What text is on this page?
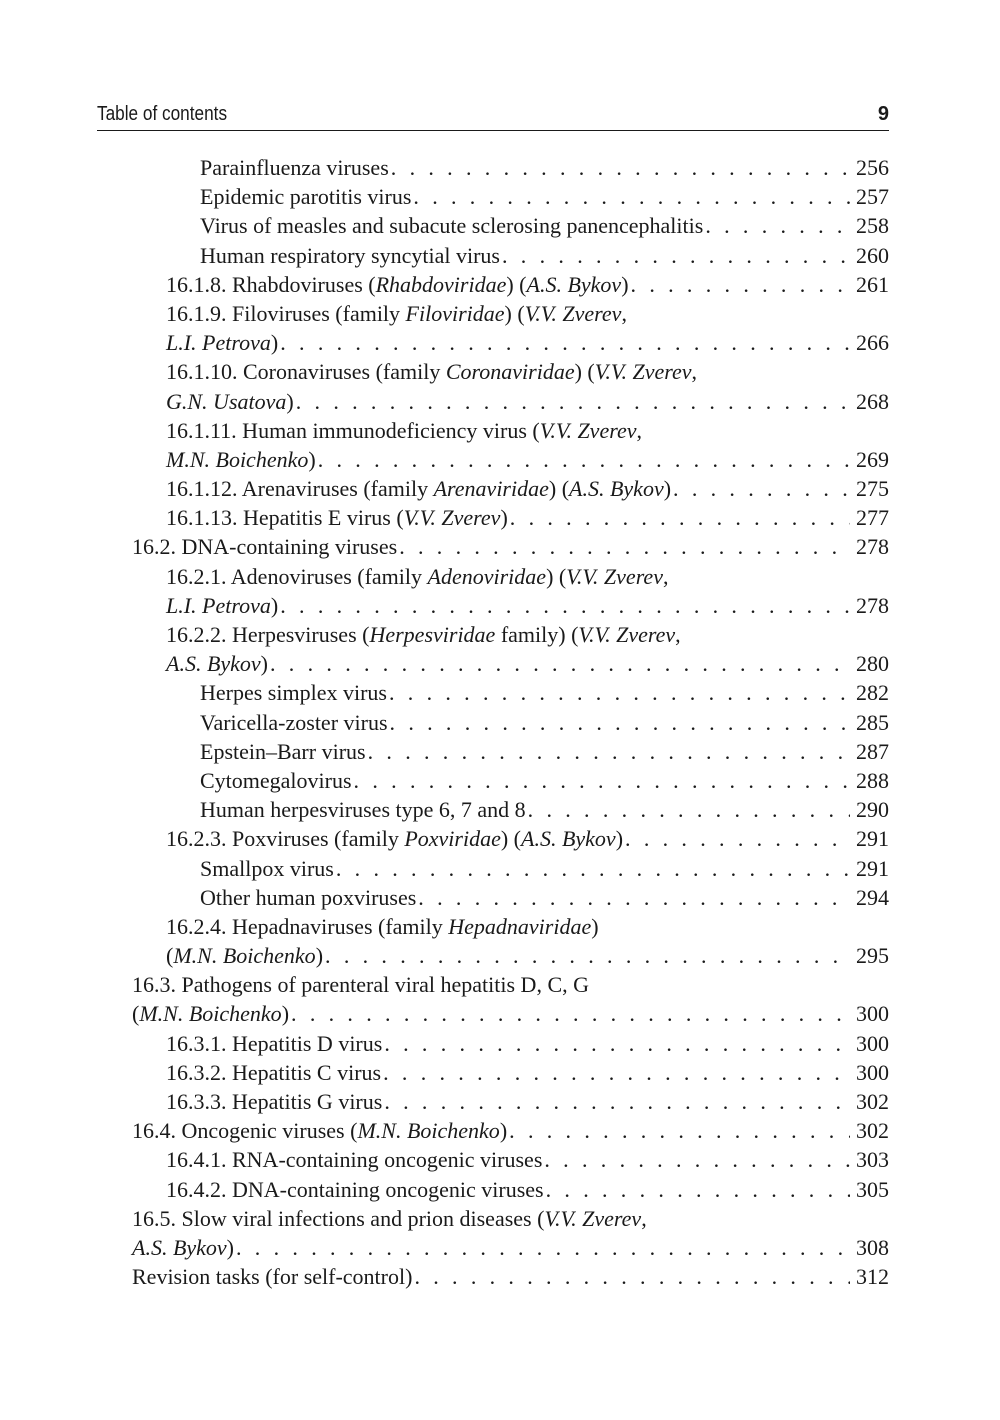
Table of contents	9
Parainfluenza viruses . . .	256
Epidemic parotitis virus . . .	257
Virus of measles and subacute sclerosing panencephalitis . . .	258
Human respiratory syncytial virus . . .	260
16.1.8. Rhabdoviruses (Rhabdoviridae) (A.S. Bykov) . . .	261
16.1.9. Filoviruses (family Filoviridae) (V.V. Zverev,
L.I. Petrova) . . .	266
16.1.10. Coronaviruses (family Coronaviridae) (V.V. Zverev,
G.N. Usatova) . . .	268
16.1.11. Human immunodeficiency virus (V.V. Zverev,
M.N. Boichenko) . . .	269
16.1.12. Arenaviruses (family Arenaviridae) (A.S. Bykov) . . .	275
16.1.13. Hepatitis E virus (V.V. Zverev) . . .	277
16.2. DNA-containing viruses . . .	278
16.2.1. Adenoviruses (family Adenoviridae) (V.V. Zverev,
L.I. Petrova) . . .	278
16.2.2. Herpesviruses (Herpesviridae family) (V.V. Zverev,
A.S. Bykov) . . .	280
Herpes simplex virus . . .	282
Varicella-zoster virus . . .	285
Epstein–Barr virus . . .	287
Cytomegalovirus . . .	288
Human herpesviruses type 6, 7 and 8 . . .	290
16.2.3. Poxviruses (family Poxviridae) (A.S. Bykov) . . .	291
Smallpox virus . . .	291
Other human poxviruses . . .	294
16.2.4. Hepadnaviruses (family Hepadnaviridae)
(M.N. Boichenko) . . .	295
16.3. Pathogens of parenteral viral hepatitis D, C, G
(M.N. Boichenko) . . .	300
16.3.1. Hepatitis D virus . . .	300
16.3.2. Hepatitis C virus . . .	300
16.3.3. Hepatitis G virus . . .	302
16.4. Oncogenic viruses (M.N. Boichenko) . . .	302
16.4.1. RNA-containing oncogenic viruses . . .	303
16.4.2. DNA-containing oncogenic viruses . . .	305
16.5. Slow viral infections and prion diseases (V.V. Zverev,
A.S. Bykov) . . .	308
Revision tasks (for self-control) . . .	312
